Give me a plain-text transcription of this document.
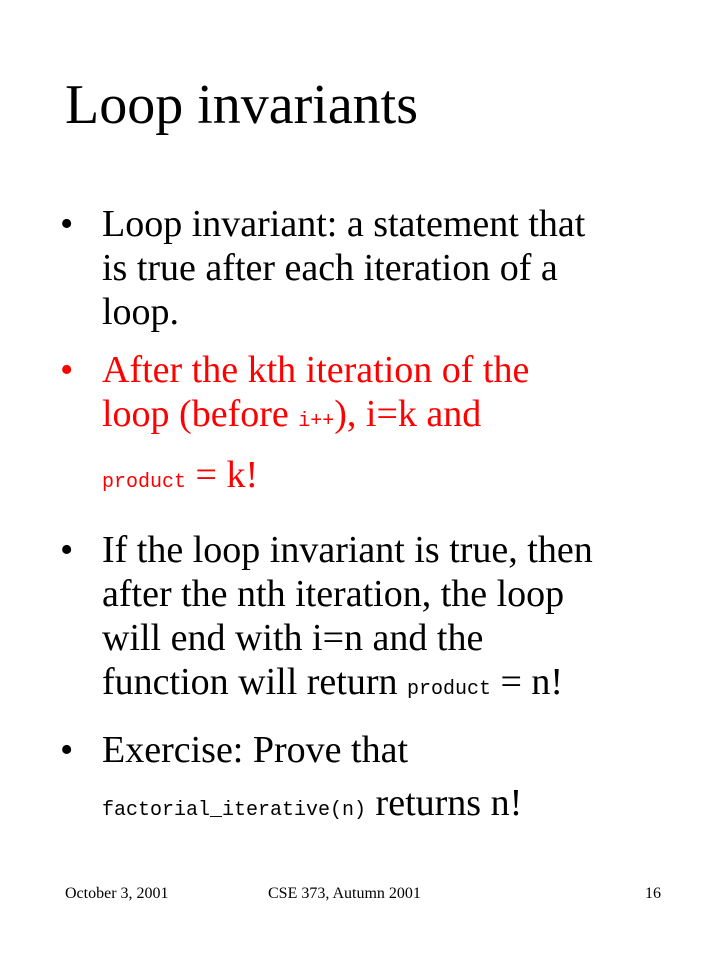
Loop invariants
• Loop invariant: a statement that
is true after each iteration of a
loop.
• After the kth iteration of the
loop (before i++), i=k and
product = k!
• If the loop invariant is true, then
after the nth iteration, the loop
will end with i=n and the
function will return product = n!
• Exercise: Prove that
factorial_iterative(n) returns n!
October 3, 2001	CSE 373, Autumn 2001	16
